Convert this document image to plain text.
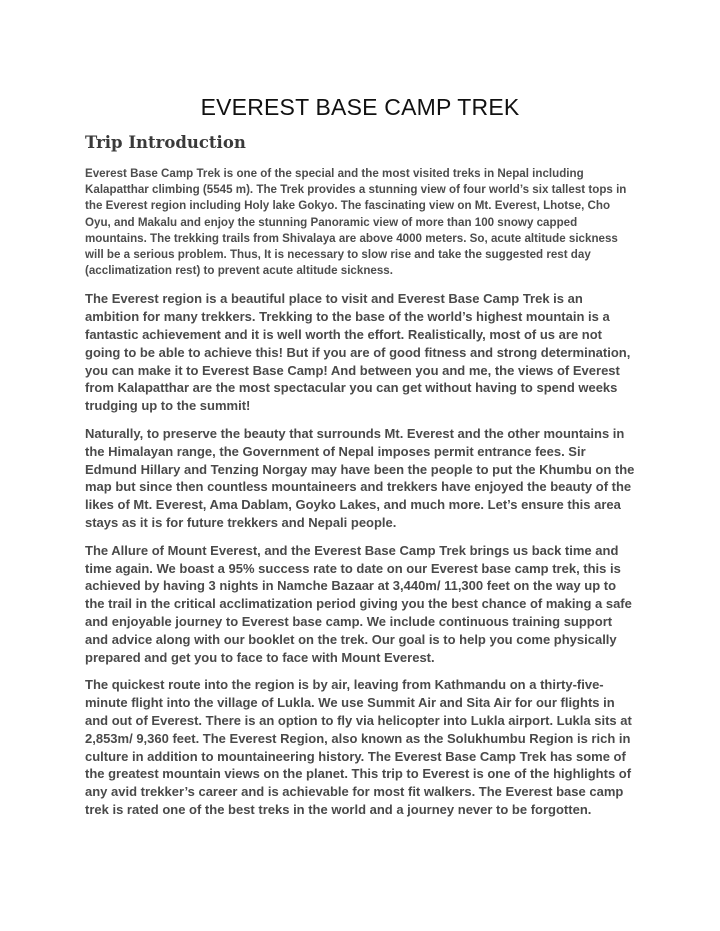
EVEREST BASE CAMP TREK
Trip Introduction

Everest Base Camp Trek is one of the special and the most visited treks in Nepal including Kalapatthar climbing (5545 m). The Trek provides a stunning view of four world’s six tallest tops in the Everest region including Holy lake Gokyo. The fascinating view on Mt. Everest, Lhotse, Cho Oyu, and Makalu and enjoy the stunning Panoramic view of more than 100 snowy capped mountains. The trekking trails from Shivalaya are above 4000 meters. So, acute altitude sickness will be a serious problem. Thus, It is necessary to slow rise and take the suggested rest day (acclimatization rest) to prevent acute altitude sickness.

The Everest region is a beautiful place to visit and Everest Base Camp Trek is an ambition for many trekkers. Trekking to the base of the world’s highest mountain is a fantastic achievement and it is well worth the effort. Realistically, most of us are not going to be able to achieve this! But if you are of good fitness and strong determination, you can make it to Everest Base Camp! And between you and me, the views of Everest from Kalapatthar are the most spectacular you can get without having to spend weeks trudging up to the summit!

Naturally, to preserve the beauty that surrounds Mt. Everest and the other mountains in the Himalayan range, the Government of Nepal imposes permit entrance fees. Sir Edmund Hillary and Tenzing Norgay may have been the people to put the Khumbu on the map but since then countless mountaineers and trekkers have enjoyed the beauty of the likes of Mt. Everest, Ama Dablam, Goyko Lakes, and much more. Let’s ensure this area stays as it is for future trekkers and Nepali people.

The Allure of Mount Everest, and the Everest Base Camp Trek brings us back time and time again. We boast a 95% success rate to date on our Everest base camp trek, this is achieved by having 3 nights in Namche Bazaar at 3,440m/ 11,300 feet on the way up to the trail in the critical acclimatization period giving you the best chance of making a safe and enjoyable journey to Everest base camp. We include continuous training support and advice along with our booklet on the trek. Our goal is to help you come physically prepared and get you to face to face with Mount Everest.

The quickest route into the region is by air, leaving from Kathmandu on a thirty-five-minute flight into the village of Lukla. We use Summit Air and Sita Air for our flights in and out of Everest. There is an option to fly via helicopter into Lukla airport. Lukla sits at 2,853m/ 9,360 feet. The Everest Region, also known as the Solukhumbu Region is rich in culture in addition to mountaineering history. The Everest Base Camp Trek has some of the greatest mountain views on the planet. This trip to Everest is one of the highlights of any avid trekker’s career and is achievable for most fit walkers. The Everest base camp trek is rated one of the best treks in the world and a journey never to be forgotten.
